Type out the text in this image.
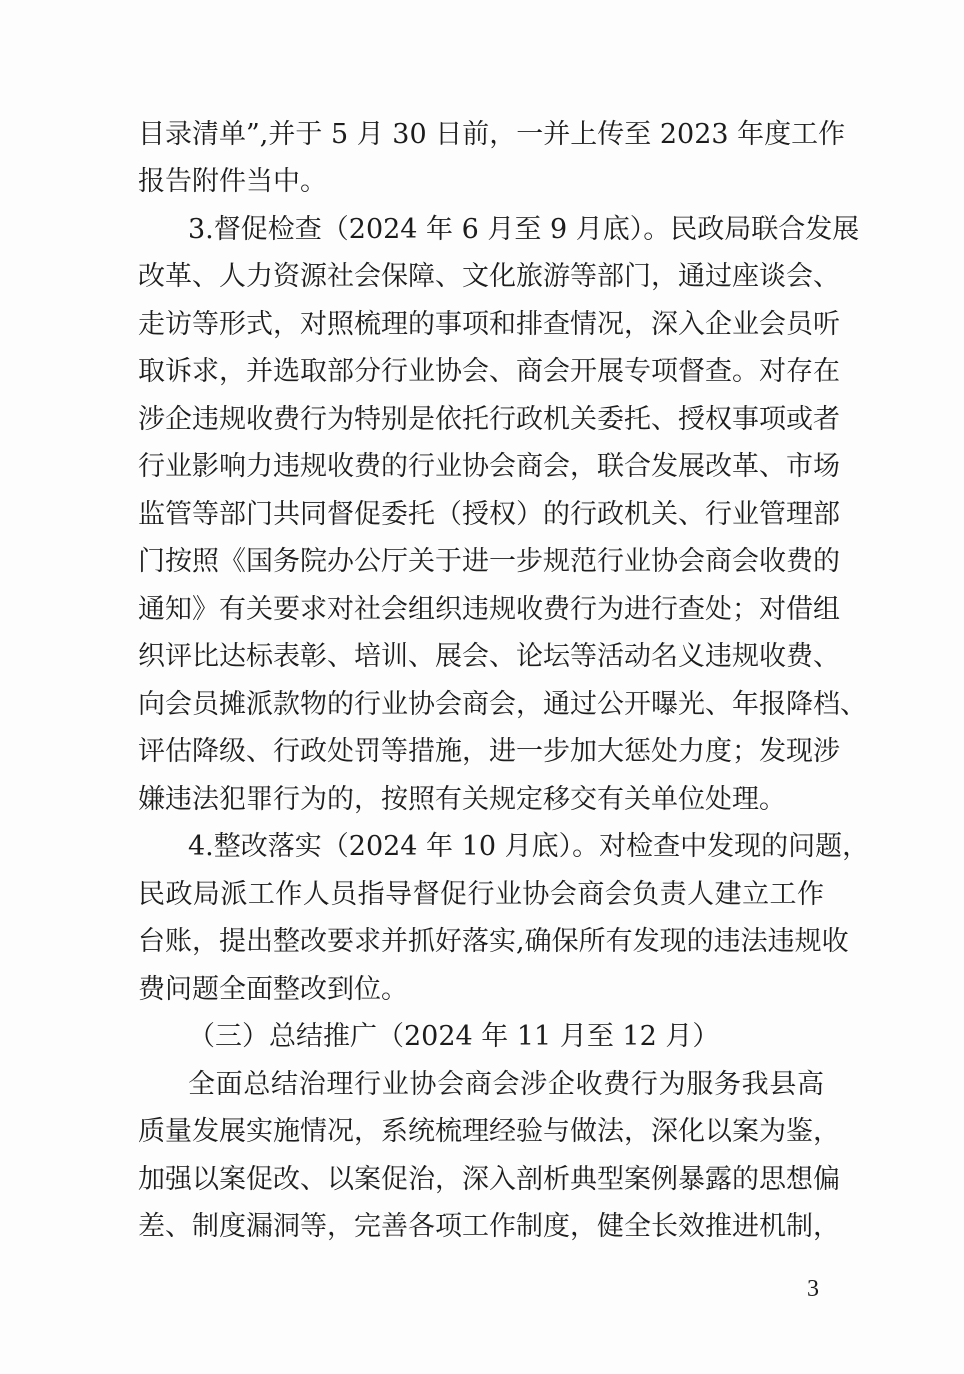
目录清单”,并于 5 月 30 日前，一并上传至 2023 年度工作
报告附件当中。
3.督促检查（2024 年 6 月至 9 月底）。民政局联合发展
改革、人力资源社会保障、文化旅游等部门，通过座谈会、
走访等形式，对照梳理的事项和排查情况，深入企业会员听
取诉求，并选取部分行业协会、商会开展专项督查。对存在
涉企违规收费行为特别是依托行政机关委托、授权事项或者
行业影响力违规收费的行业协会商会，联合发展改革、市场
监管等部门共同督促委托（授权）的行政机关、行业管理部
门按照《国务院办公厅关于进一步规范行业协会商会收费的
通知》有关要求对社会组织违规收费行为进行查处；对借组
织评比达标表彰、培训、展会、论坛等活动名义违规收费、
向会员摊派款物的行业协会商会，通过公开曝光、年报降档、
评估降级、行政处罚等措施，进一步加大惩处力度；发现涉
嫌违法犯罪行为的，按照有关规定移交有关单位处理。
4.整改落实（2024 年 10 月底）。对检查中发现的问题，
民政局派工作人员指导督促行业协会商会负责人建立工作
台账，提出整改要求并抓好落实,确保所有发现的违法违规收
费问题全面整改到位。
（三）总结推广（2024 年 11 月至 12 月）
全面总结治理行业协会商会涉企收费行为服务我县高
质量发展实施情况，系统梳理经验与做法，深化以案为鉴，
加强以案促改、以案促治，深入剖析典型案例暴露的思想偏
差、制度漏洞等，完善各项工作制度，健全长效推进机制，
3
